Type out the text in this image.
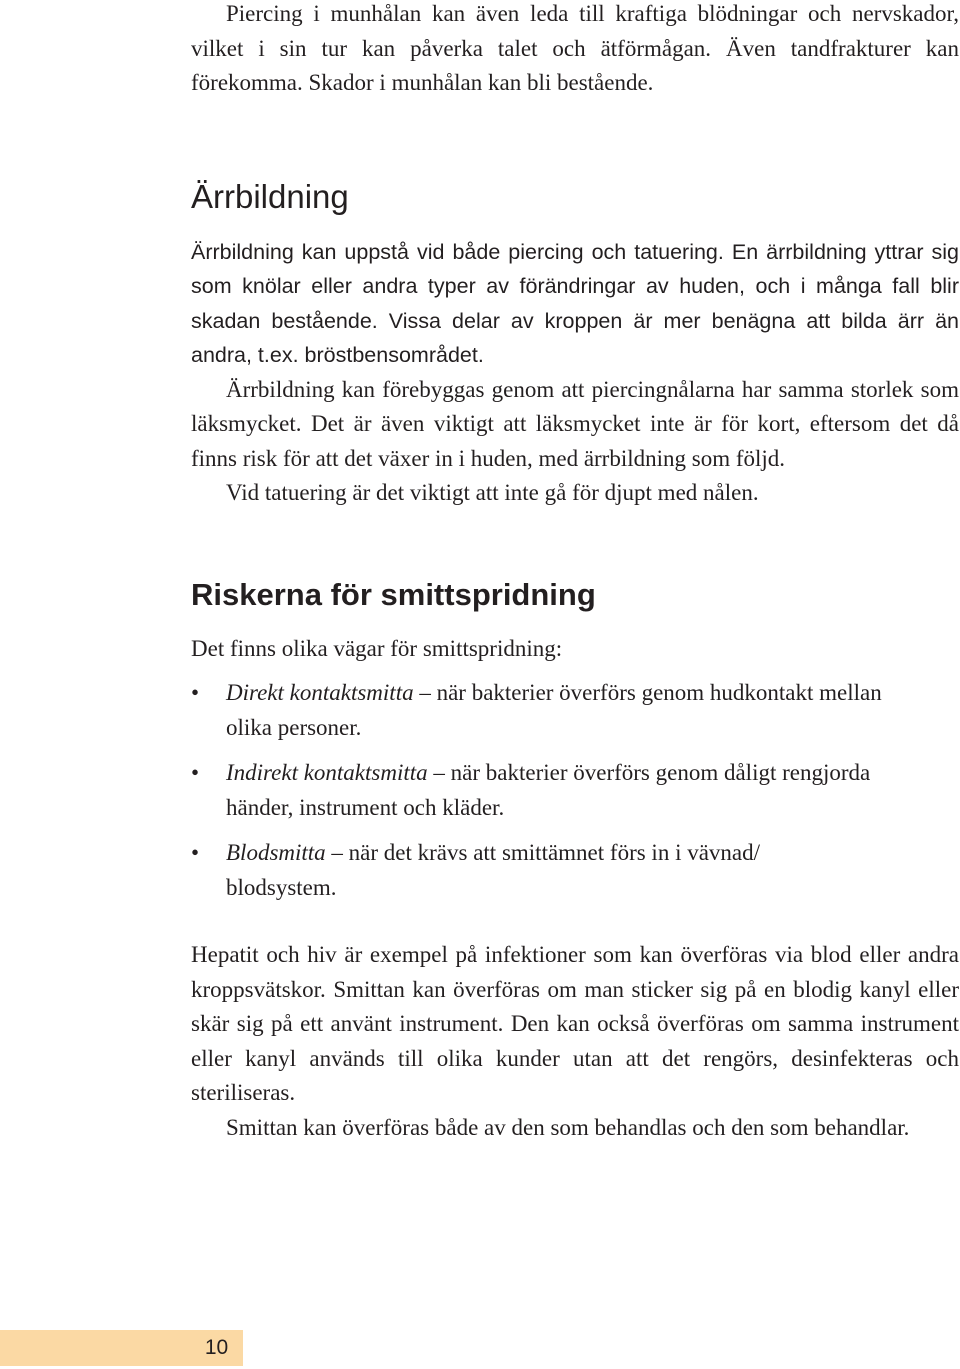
Piercing i munhålan kan även leda till kraftiga blödningar och nervskador, vilket i sin tur kan påverka talet och ätförmågan. Även tandfrakturer kan förekomma. Skador i munhålan kan bli bestående.

Ärrbildning

Ärrbildning kan uppstå vid både piercing och tatuering. En ärrbildning yttrar sig som knölar eller andra typer av förändringar av huden, och i många fall blir skadan bestående. Vissa delar av kroppen är mer benägna att bilda ärr än andra, t.ex. bröstbensområdet.

Ärrbildning kan förebyggas genom att piercingnålarna har samma storlek som läksmycket. Det är även viktigt att läksmycket inte är för kort, eftersom det då finns risk för att det växer in i huden, med ärrbildning som följd.

Vid tatuering är det viktigt att inte gå för djupt med nålen.

Riskerna för smittspridning

Det finns olika vägar för smittspridning:

• Direkt kontaktsmitta – när bakterier överförs genom hudkontakt mellan olika personer.
• Indirekt kontaktsmitta – när bakterier överförs genom dåligt rengjorda händer, instrument och kläder.
• Blodsmitta – när det krävs att smittämnet förs in i vävnad/ blodsystem.

Hepatit och hiv är exempel på infektioner som kan överföras via blod eller andra kroppsvätskor. Smittan kan överföras om man sticker sig på en blodig kanyl eller skär sig på ett använt instrument. Den kan också överföras om samma instrument eller kanyl används till olika kunder utan att det rengörs, desinfekteras och steriliseras.

Smittan kan överföras både av den som behandlas och den som behandlar.

10
